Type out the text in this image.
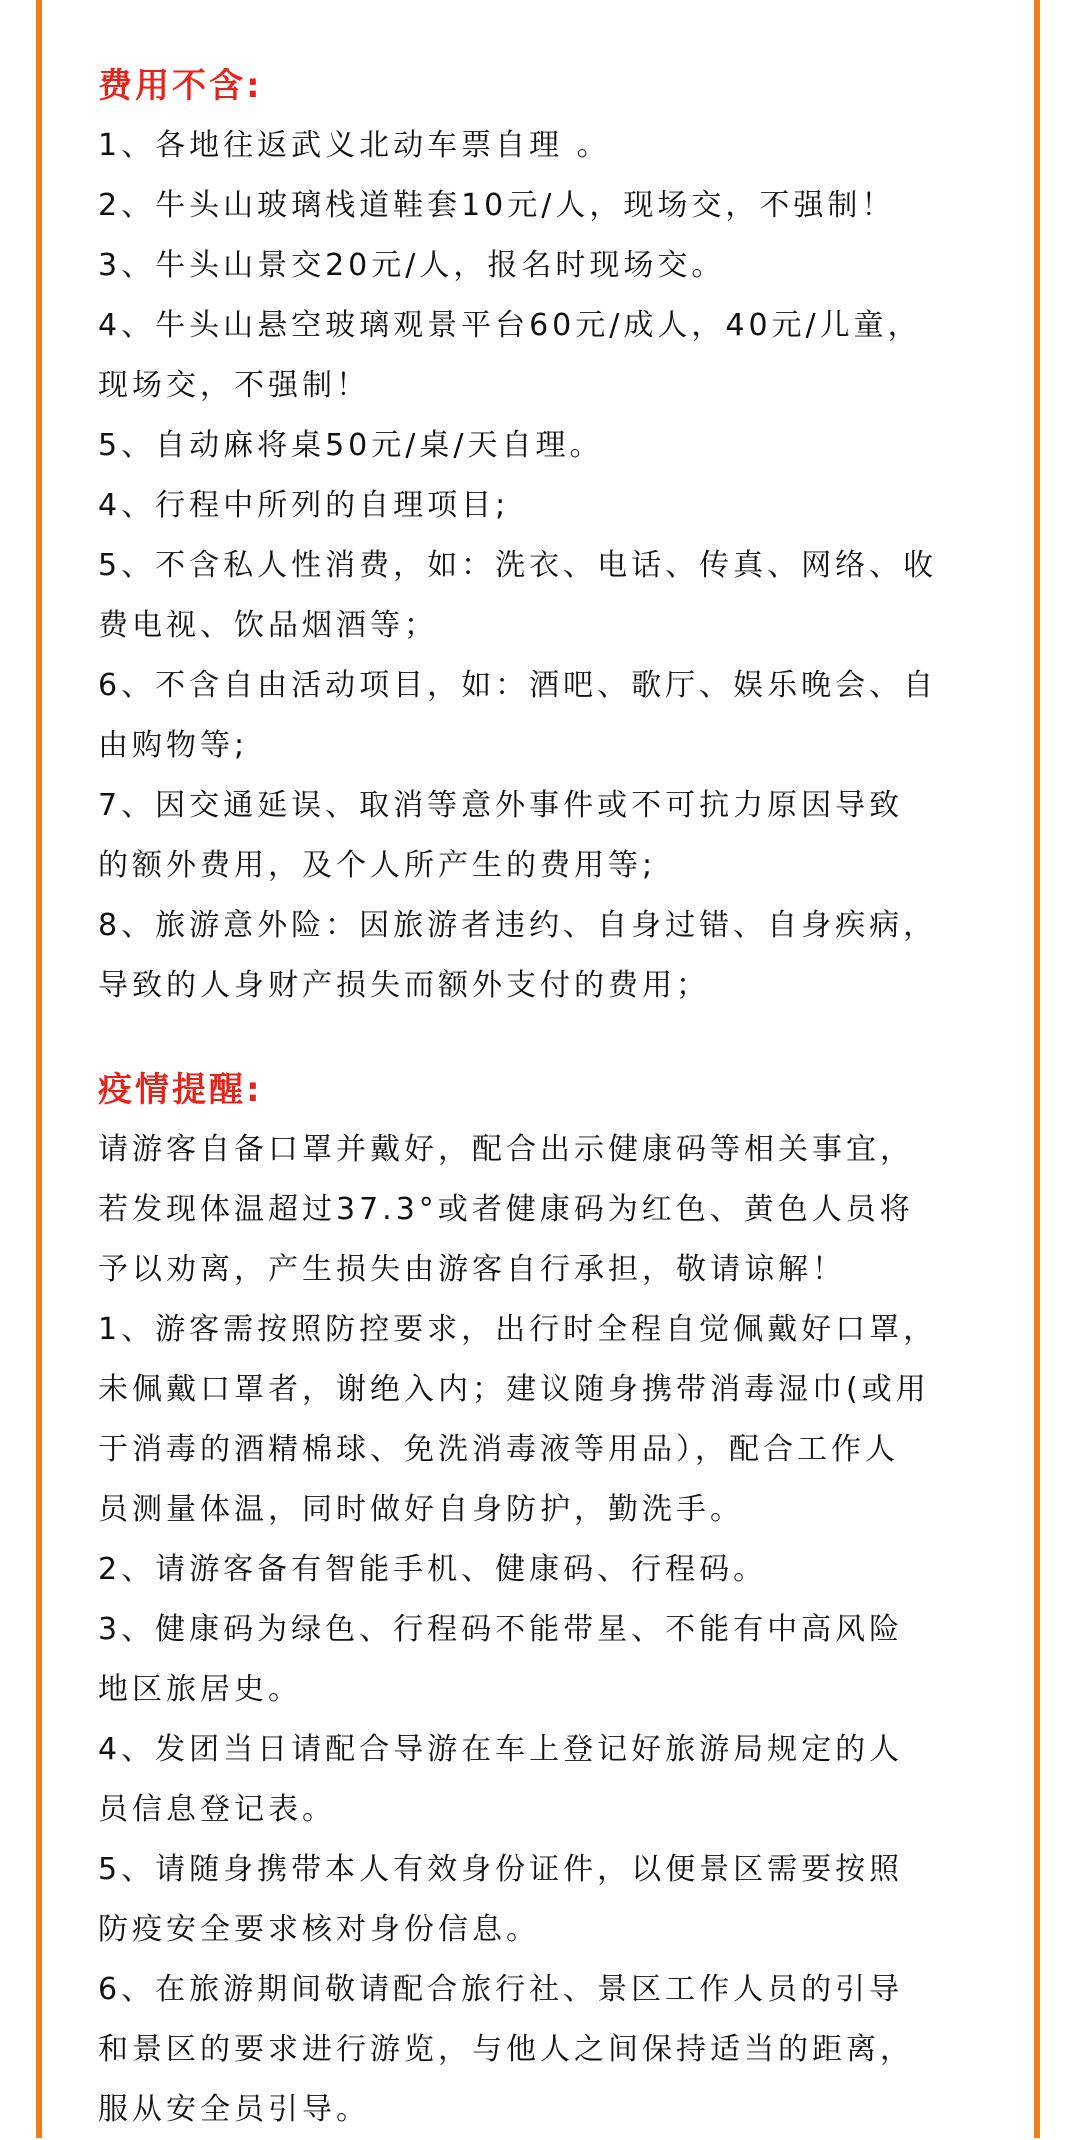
费用不含:
1、各地往返武义北动车票自理 。
2、牛头山玻璃栈道鞋套10元/人，现场交，不强制！
3、牛头山景交20元/人，报名时现场交。
4、牛头山悬空玻璃观景平台60元/成人，40元/儿童，
现场交，不强制！
5、自动麻将桌50元/桌/天自理。
4、行程中所列的自理项目;
5、不含私人性消费，如：洗衣、电话、传真、网络、收
费电视、饮品烟酒等；
6、不含自由活动项目，如：酒吧、歌厅、娱乐晚会、自
由购物等;
7、因交通延误、取消等意外事件或不可抗力原因导致
的额外费用，及个人所产生的费用等;
8、旅游意外险：因旅游者违约、自身过错、自身疾病，
导致的人身财产损失而额外支付的费用；
疫情提醒:
请游客自备口罩并戴好，配合出示健康码等相关事宜，
若发现体温超过37.3°或者健康码为红色、黄色人员将
予以劝离，产生损失由游客自行承担，敬请谅解！
1、游客需按照防控要求，出行时全程自觉佩戴好口罩，
未佩戴口罩者，谢绝入内；建议随身携带消毒湿巾(或用
于消毒的酒精棉球、免洗消毒液等用品），配合工作人
员测量体温，同时做好自身防护，勤洗手。
2、请游客备有智能手机、健康码、行程码。
3、健康码为绿色、行程码不能带星、不能有中高风险
地区旅居史。
4、发团当日请配合导游在车上登记好旅游局规定的人
员信息登记表。
5、请随身携带本人有效身份证件，以便景区需要按照
防疫安全要求核对身份信息。
6、在旅游期间敬请配合旅行社、景区工作人员的引导
和景区的要求进行游览，与他人之间保持适当的距离，
服从安全员引导。
